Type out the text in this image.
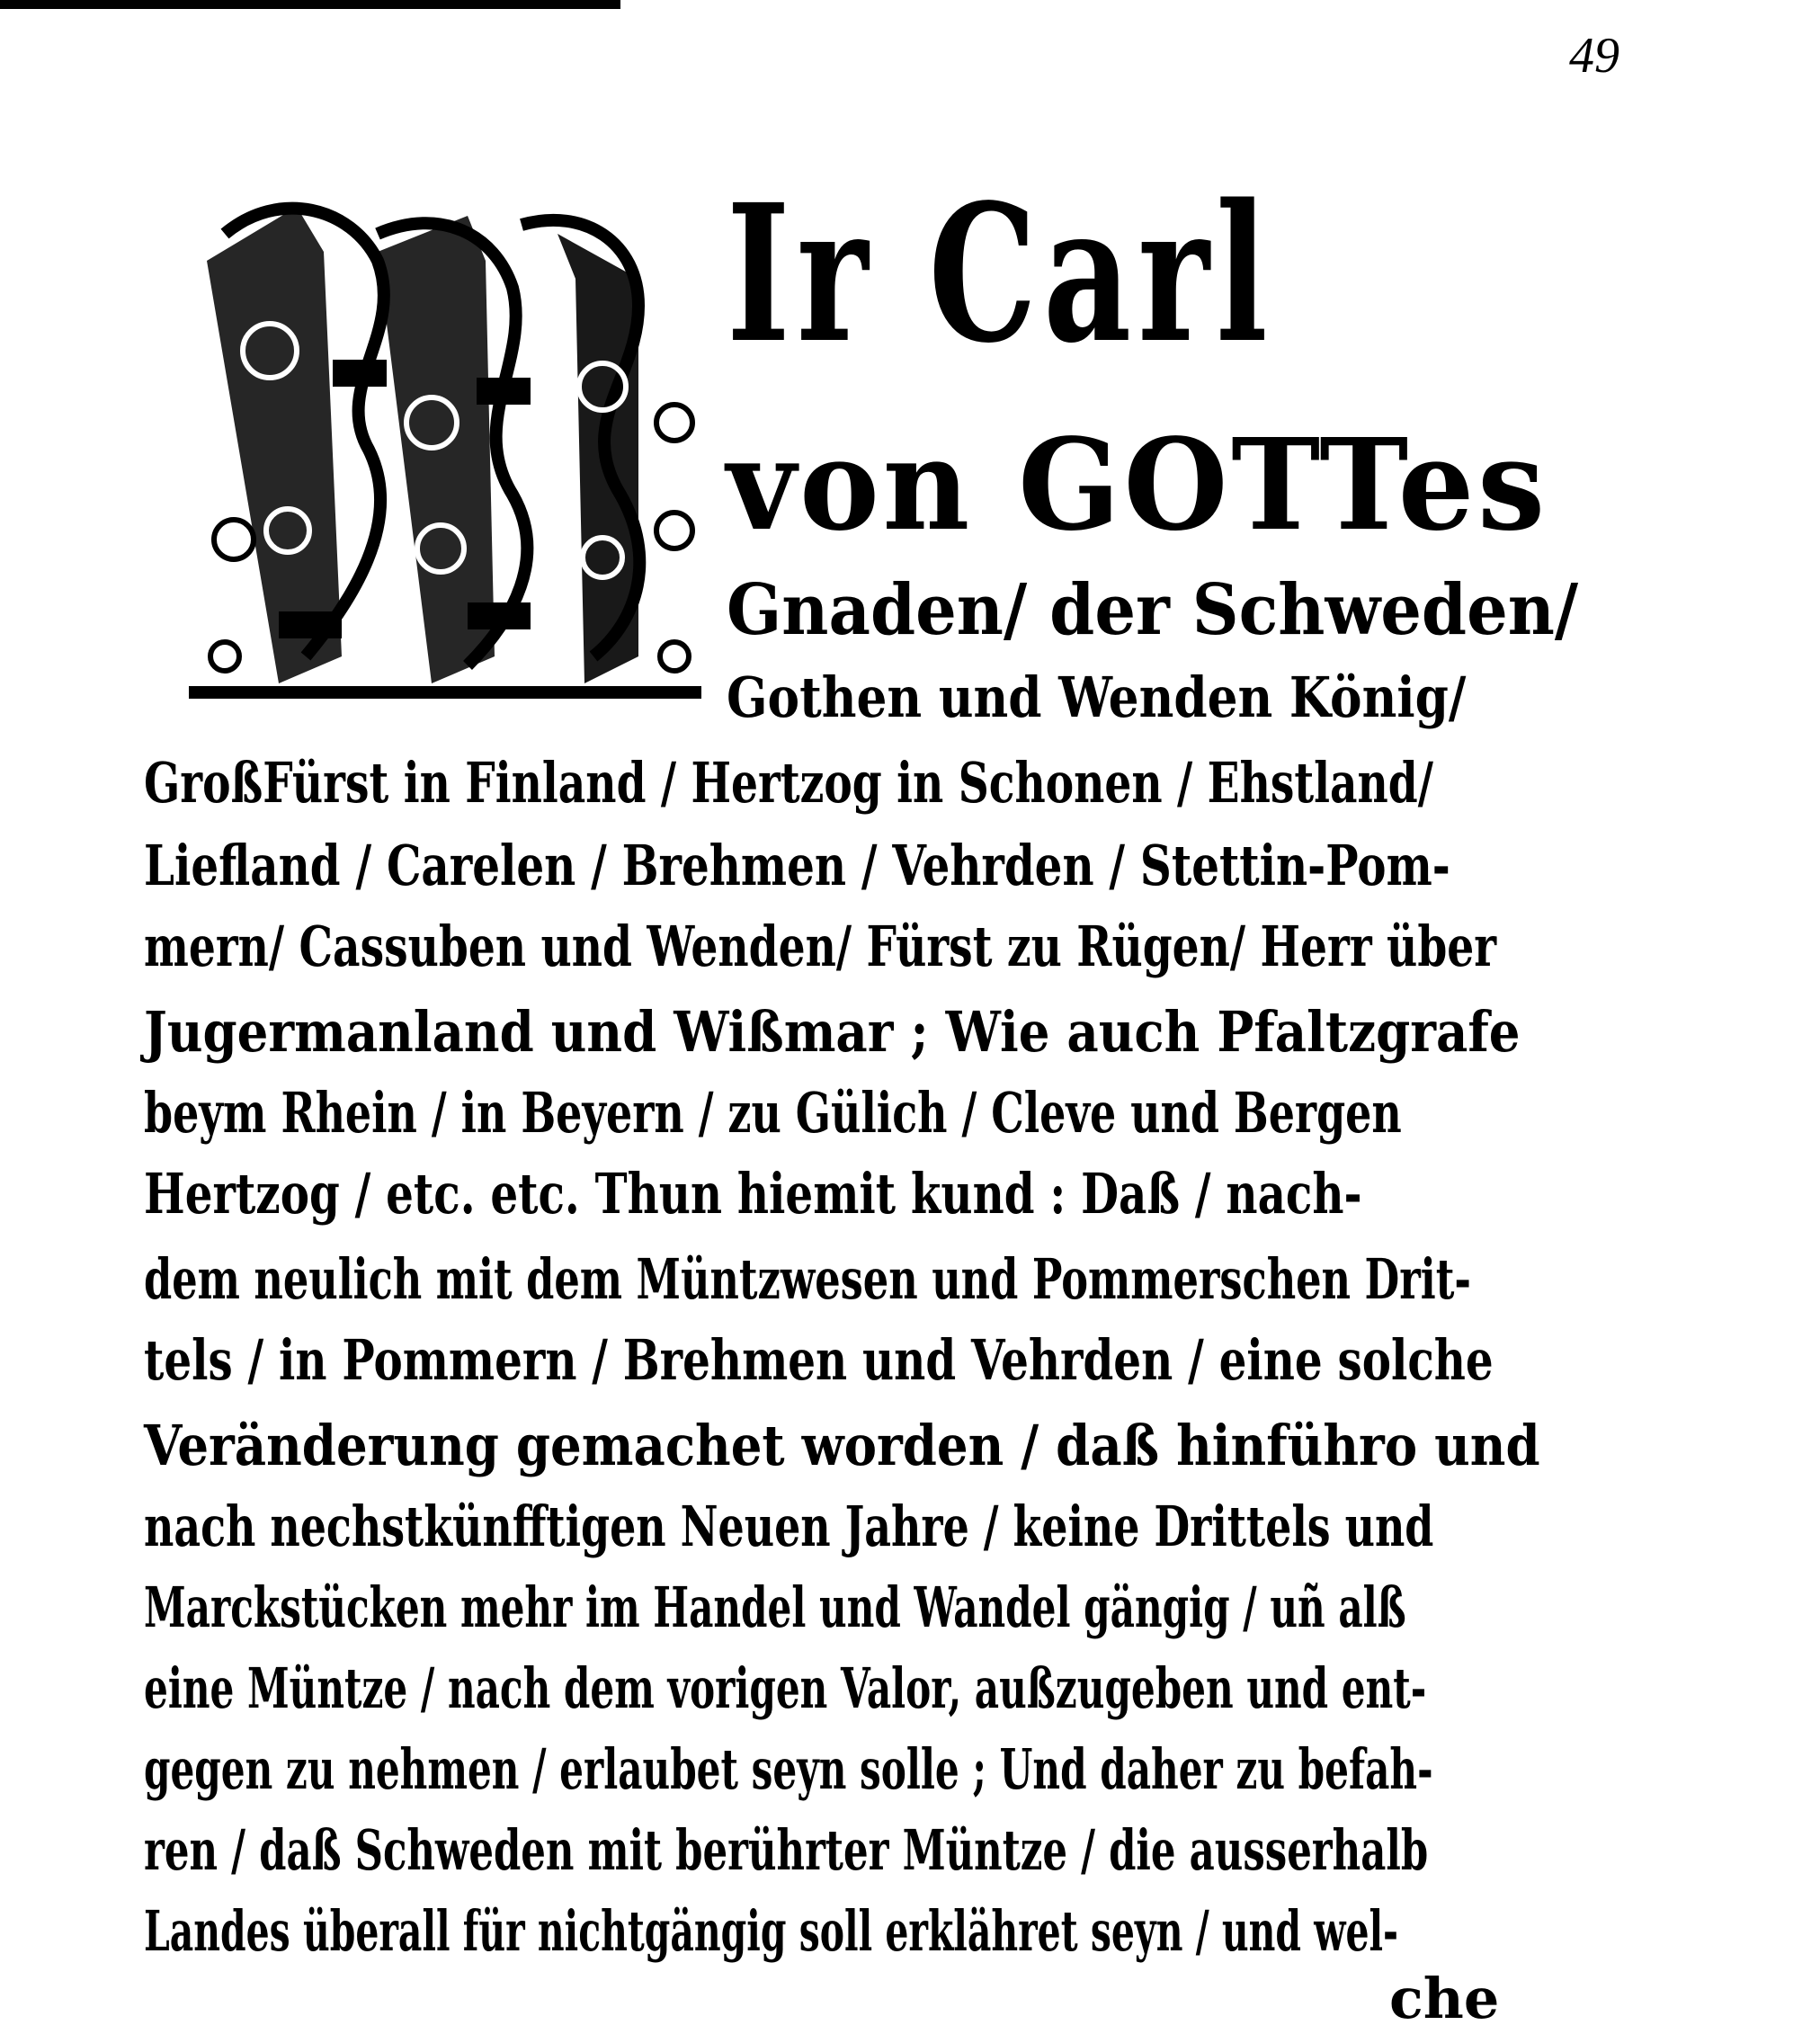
49
Ir Carl
von GOTTes
Gnaden/ der Schweden/
Gothen und Wenden König/
GroßFürst in Finland / Hertzog in Schonen / Ehstland/
Liefland / Carelen / Brehmen / Vehrden / Stettin-Pom-
mern/ Cassuben und Wenden/ Fürst zu Rügen/ Herr über
Jugermanland und Wißmar ; Wie auch Pfaltzgrafe
beym Rhein / in Beyern / zu Gülich / Cleve und Bergen
Hertzog / etc. etc. Thun hiemit kund : Daß / nach-
dem neulich mit dem Müntzwesen und Pommerschen Drit-
tels / in Pommern / Brehmen und Vehrden / eine solche
Veränderung gemachet worden / daß hinführo und
nach nechstkünfftigen Neuen Jahre / keine Drittels und
Marckstücken mehr im Handel und Wandel gängig / uñ alß
eine Müntze / nach dem vorigen Valor, außzugeben und ent-
gegen zu nehmen / erlaubet seyn solle ; Und daher zu befah-
ren / daß Schweden mit berührter Müntze / die ausserhalb
Landes überall für nichtgängig soll erklähret seyn / und wel-
che
